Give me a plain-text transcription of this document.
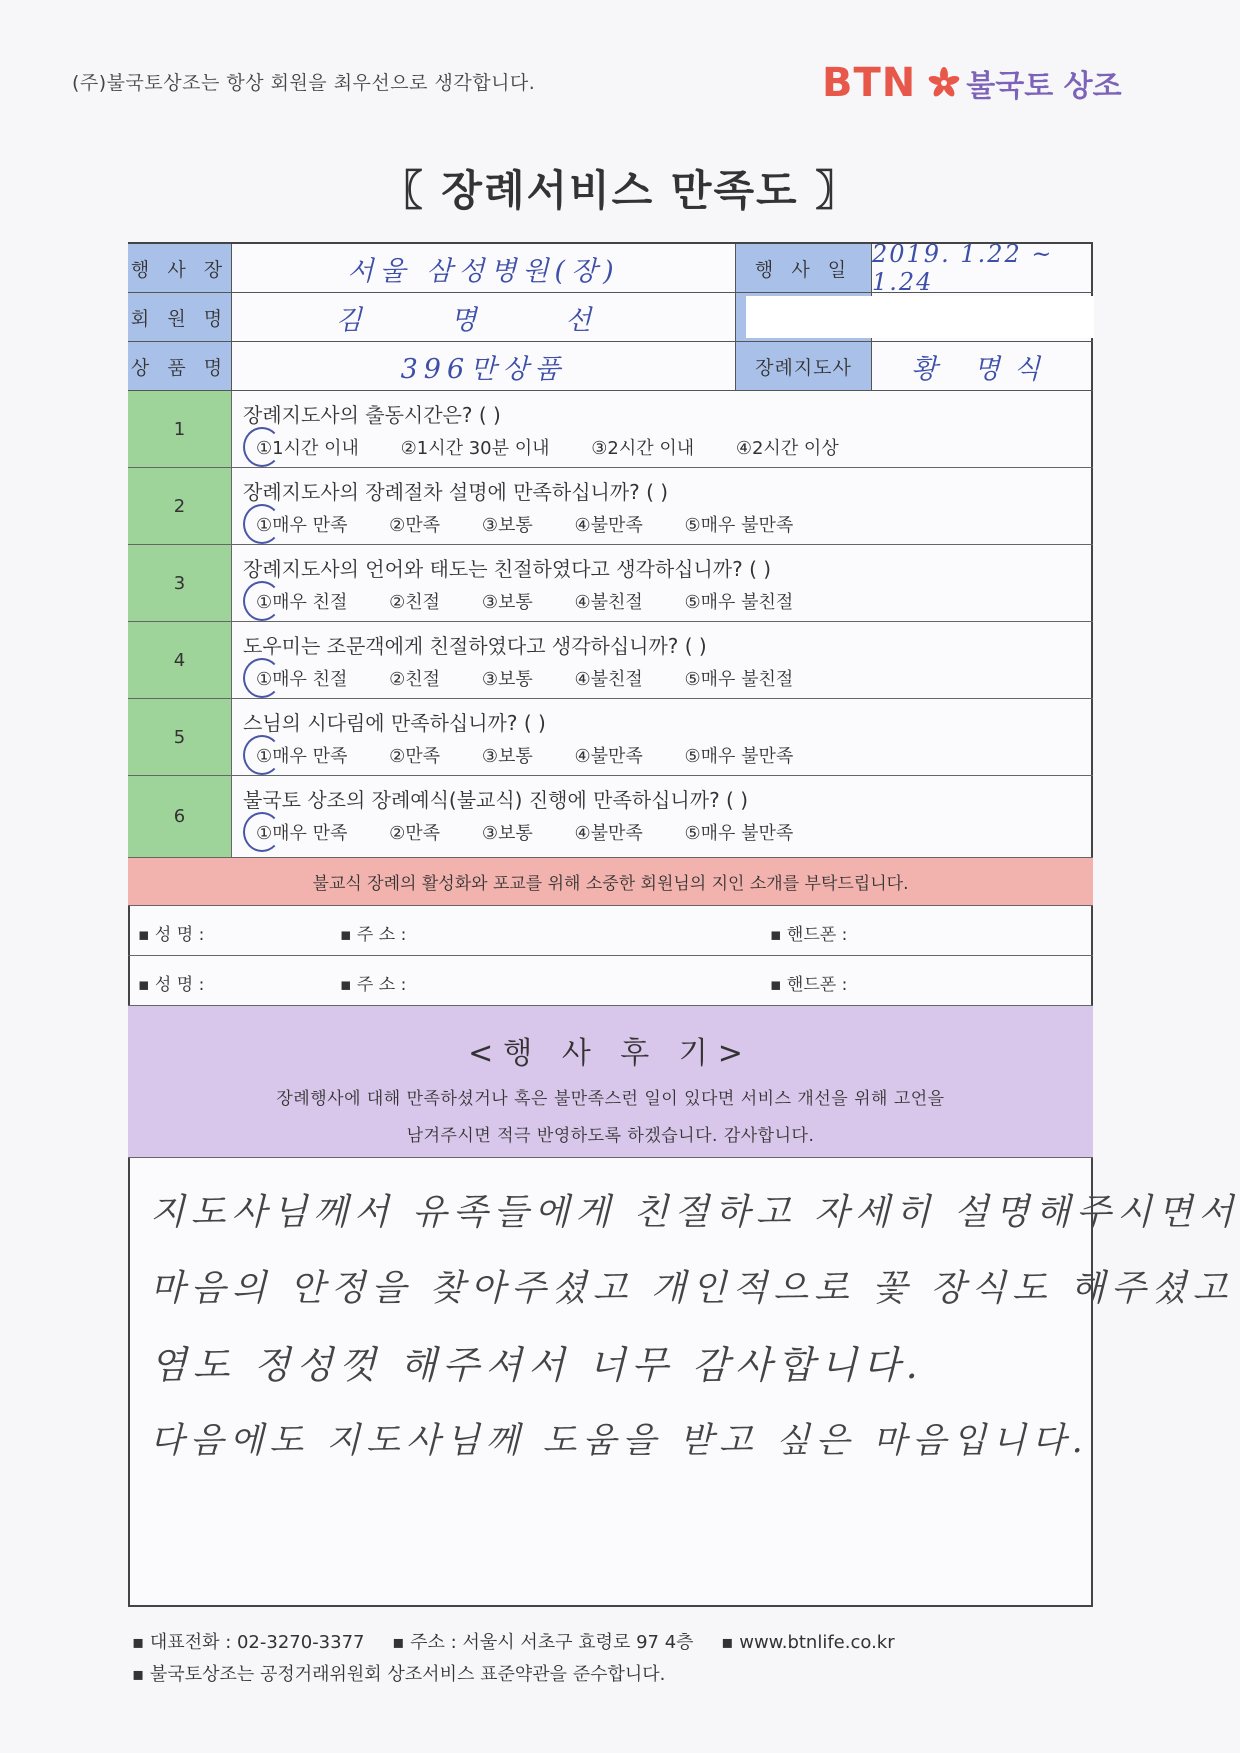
(주)불국토상조는 항상 회원을 최우선으로 생각합니다.	BTN 불국토 상조
〖 장례서비스 만족도 〗
행 사 장	서울 삼성병원(장)	행 사 일
2019. 1.22 ~ 1.24
회 원 명	김 명 선
상 품 명	396만상품	장례지도사	황 명식
1
장례지도사의 출동시간은? ( )
①1시간 이내 ②1시간 30분 이내 ③2시간 이내 ④2시간 이상
2
장례지도사의 장례절차 설명에 만족하십니까? ( )
①매우 만족 ②만족 ③보통 ④불만족 ⑤매우 불만족
3
장례지도사의 언어와 태도는 친절하였다고 생각하십니까? ( )
①매우 친절 ②친절 ③보통 ④불친절 ⑤매우 불친절
4
도우미는 조문객에게 친절하였다고 생각하십니까? ( )
①매우 친절 ②친절 ③보통 ④불친절 ⑤매우 불친절
5
스님의 시다림에 만족하십니까? ( )
①매우 만족 ②만족 ③보통 ④불만족 ⑤매우 불만족
6
불국토 상조의 장례예식(불교식) 진행에 만족하십니까? ( )
①매우 만족 ②만족 ③보통 ④불만족 ⑤매우 불만족
불교식 장례의 활성화와 포교를 위해 소중한 회원님의 지인 소개를 부탁드립니다.
▪ 성 명 :	▪ 주 소 :	▪ 핸드폰 :
▪ 성 명 :	▪ 주 소 :	▪ 핸드폰 :
<행 사 후 기>
장례행사에 대해 만족하셨거나 혹은 불만족스런 일이 있다면 서비스 개선을 위해 고언을
남겨주시면 적극 반영하도록 하겠습니다. 감사합니다.
지도사님께서 유족들에게 친절하고 자세히 설명해주시면서
마음의 안정을 찾아주셨고 개인적으로 꽃 장식도 해주셨고
염도 정성껏 해주셔서 너무 감사합니다.
다음에도 지도사님께 도움을 받고 싶은 마음입니다.
▪ 대표전화 : 02-3270-3377 ▪ 주소 : 서울시 서초구 효령로 97 4층 ▪ www.btnlife.co.kr
▪ 불국토상조는 공정거래위원회 상조서비스 표준약관을 준수합니다.
